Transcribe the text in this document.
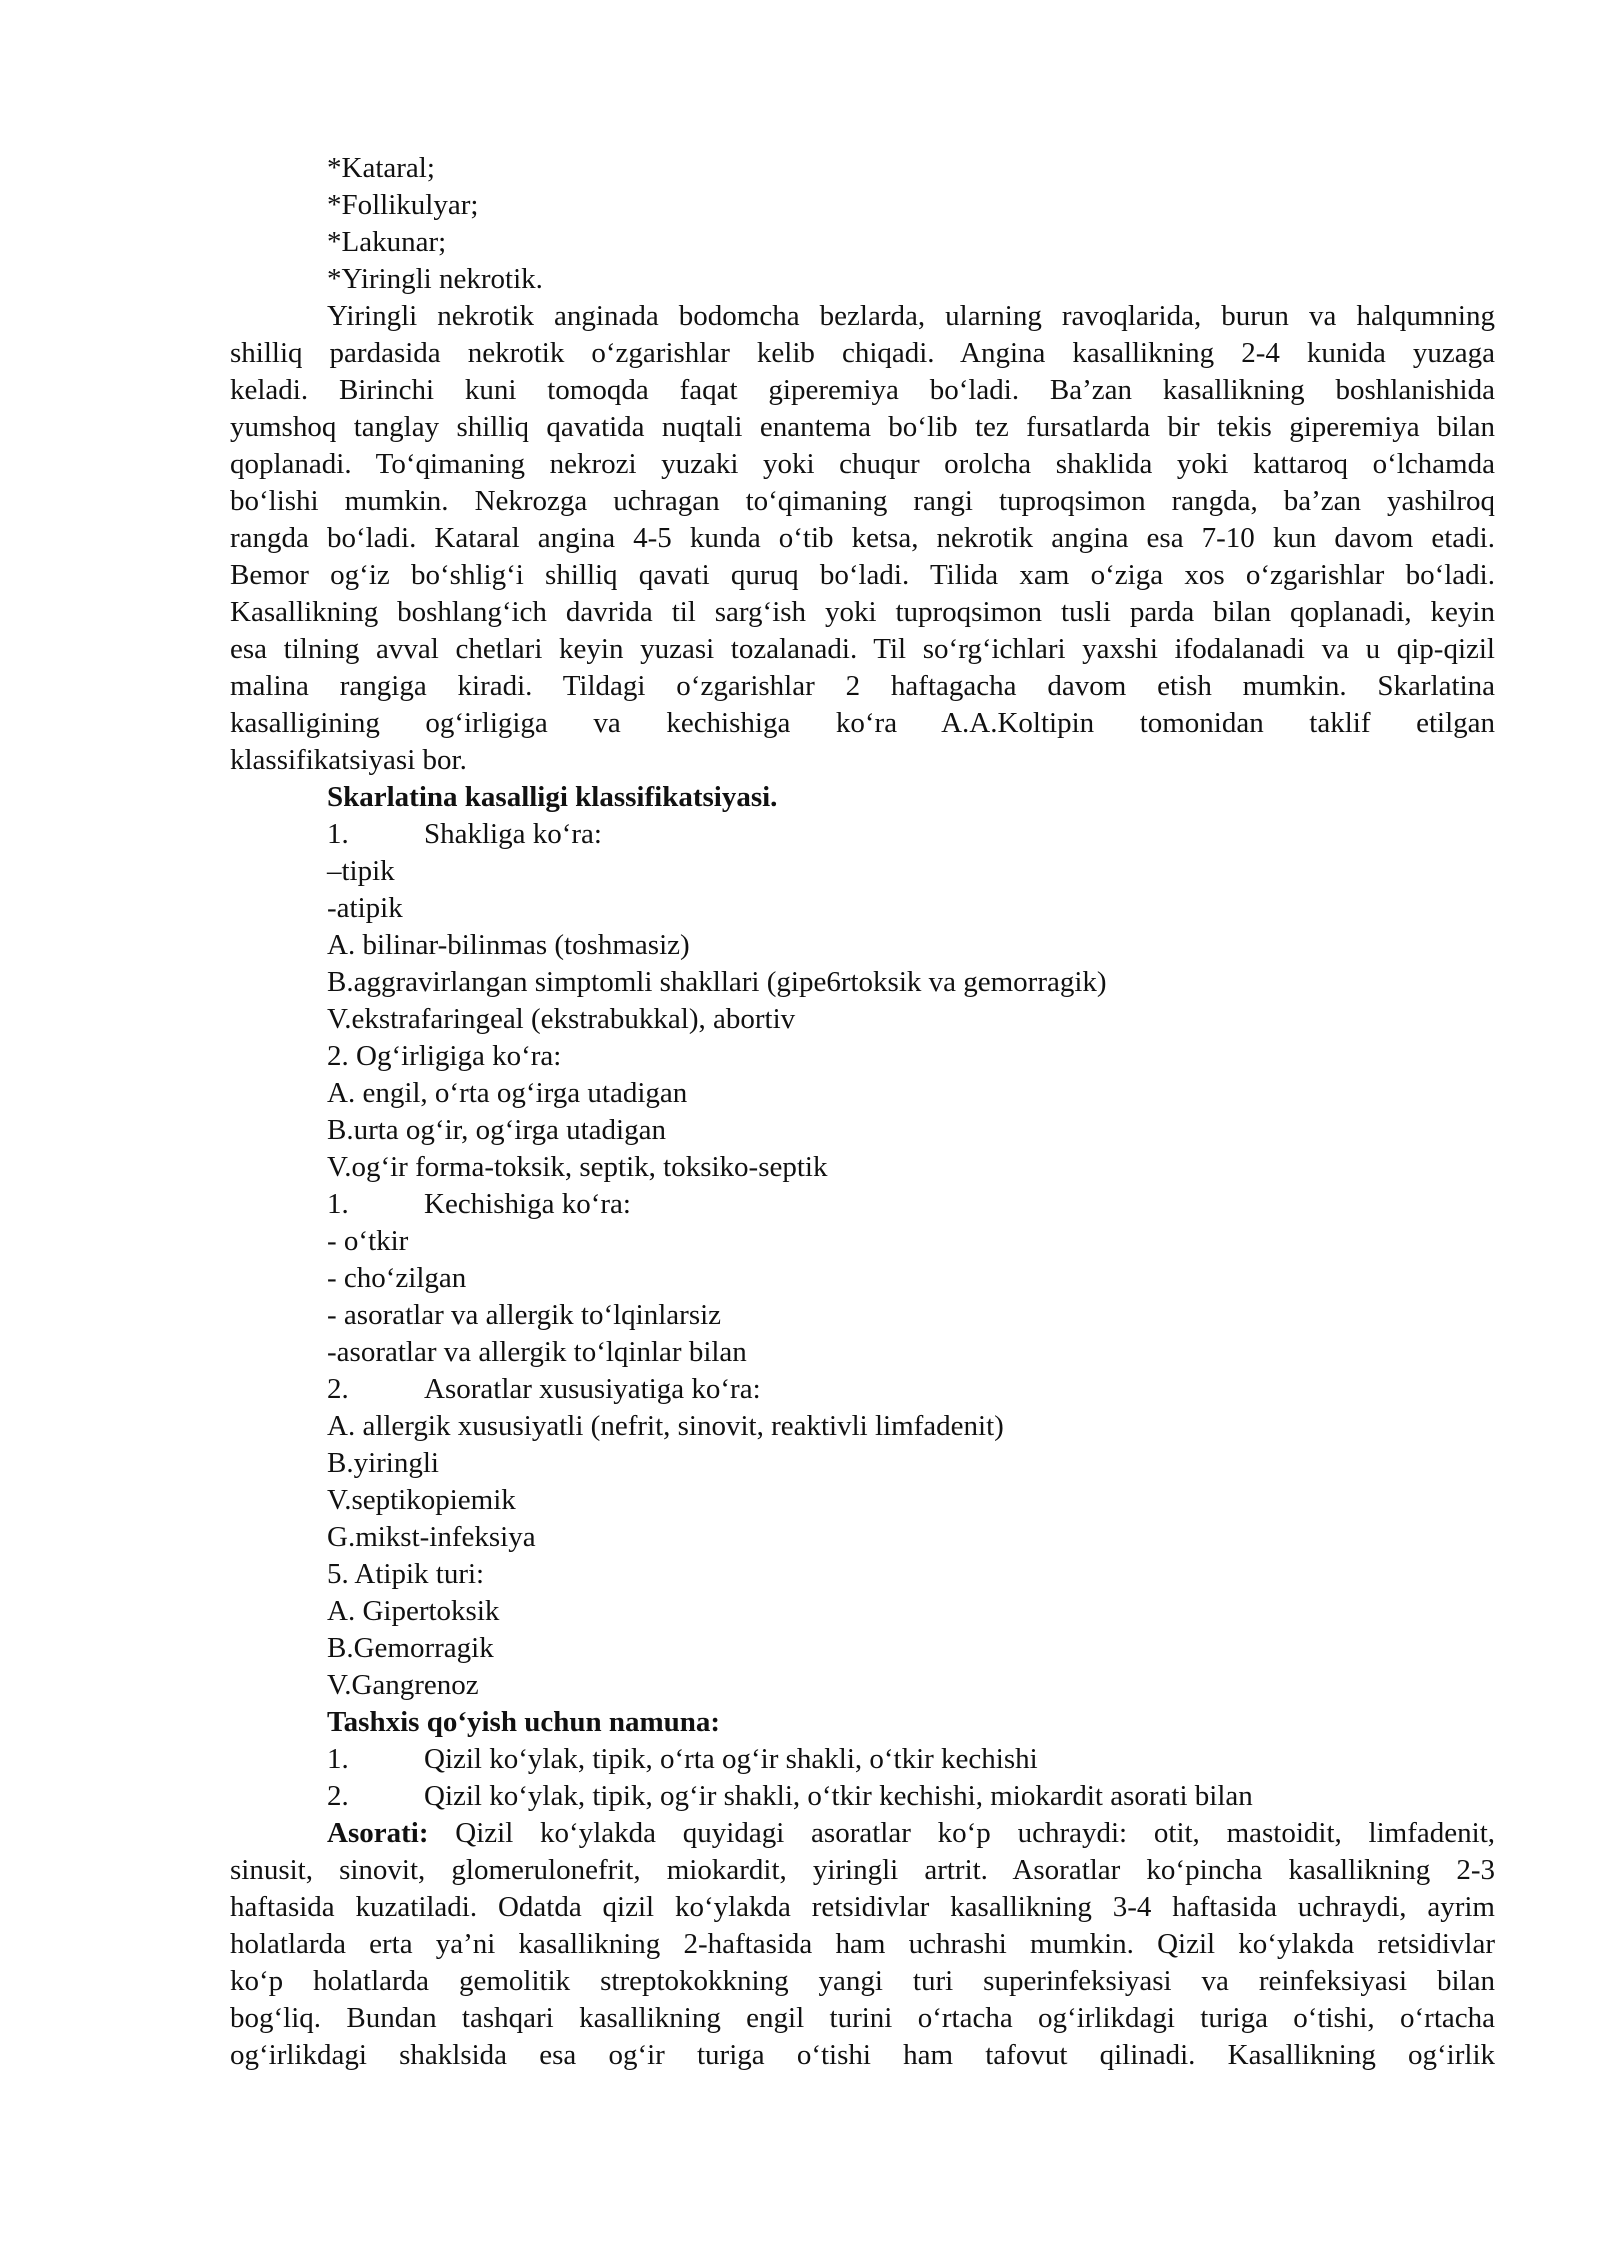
*Kataral;
*Follikulyar;
*Lakunar;
*Yiringli nekrotik.
Yiringli nekrotik anginada bodomcha bezlarda, ularning ravoqlarida, burun va halqumning
shilliq pardasida nekrotik o‘zgarishlar kelib chiqadi. Angina kasallikning 2-4 kunida yuzaga
keladi. Birinchi kuni tomoqda faqat giperemiya bo‘ladi. Ba’zan kasallikning boshlanishida
yumshoq tanglay shilliq qavatida nuqtali enantema bo‘lib tez fursatlarda bir tekis giperemiya bilan
qoplanadi. To‘qimaning nekrozi yuzaki yoki chuqur orolcha shaklida yoki kattaroq o‘lchamda
bo‘lishi mumkin. Nekrozga uchragan to‘qimaning rangi tuproqsimon rangda, ba’zan yashilroq
rangda bo‘ladi. Kataral angina 4-5 kunda o‘tib ketsa, nekrotik angina esa 7-10 kun davom etadi.
Bemor og‘iz bo‘shlig‘i shilliq qavati quruq bo‘ladi. Tilida xam o‘ziga xos o‘zgarishlar bo‘ladi.
Kasallikning boshlang‘ich davrida til sarg‘ish yoki tuproqsimon tusli parda bilan qoplanadi, keyin
esa tilning avval chetlari keyin yuzasi tozalanadi. Til so‘rg‘ichlari yaxshi ifodalanadi va u qip-qizil
malina rangiga kiradi. Tildagi o‘zgarishlar 2 haftagacha davom etish mumkin. Skarlatina
kasalligining og‘irligiga va kechishiga ko‘ra A.A.Koltipin tomonidan taklif etilgan
klassifikatsiyasi bor.
Skarlatina kasalligi klassifikatsiyasi.
1.	Shakliga ko‘ra:
–tipik
-atipik
A. bilinar-bilinmas (toshmasiz)
B.aggravirlangan simptomli shakllari (gipe6rtoksik va gemorragik)
V.ekstrafaringeal (ekstrabukkal), abortiv
2. Og‘irligiga ko‘ra:
A. engil, o‘rta og‘irga utadigan
B.urta og‘ir, og‘irga utadigan
V.og‘ir forma-toksik, septik, toksiko-septik
1.	Kechishiga ko‘ra:
- o‘tkir
- cho‘zilgan
- asoratlar va allergik to‘lqinlarsiz
-asoratlar va allergik to‘lqinlar bilan
2.	Asoratlar xususiyatiga ko‘ra:
A. allergik xususiyatli (nefrit, sinovit, reaktivli limfadenit)
B.yiringli
V.septikopiemik
G.mikst-infeksiya
5. Atipik turi:
A. Gipertoksik
B.Gemorragik
V.Gangrenoz
Tashxis qo‘yish uchun namuna:
1.	Qizil ko‘ylak, tipik, o‘rta og‘ir shakli, o‘tkir kechishi
2.	Qizil ko‘ylak, tipik, og‘ir shakli, o‘tkir kechishi, miokardit asorati bilan
Asorati: Qizil ko‘ylakda quyidagi asoratlar ko‘p uchraydi: otit, mastoidit, limfadenit,
sinusit, sinovit, glomerulonefrit, miokardit, yiringli artrit. Asoratlar ko‘pincha kasallikning 2-3
haftasida kuzatiladi. Odatda qizil ko‘ylakda retsidivlar kasallikning 3-4 haftasida uchraydi, ayrim
holatlarda erta ya’ni kasallikning 2-haftasida ham uchrashi mumkin. Qizil ko‘ylakda retsidivlar
ko‘p holatlarda gemolitik streptokokkning yangi turi superinfeksiyasi va reinfeksiyasi bilan
bog‘liq. Bundan tashqari kasallikning engil turini o‘rtacha og‘irlikdagi turiga o‘tishi, o‘rtacha
og‘irlikdagi shaklsida esa og‘ir turiga o‘tishi ham tafovut qilinadi. Kasallikning og‘irlik
